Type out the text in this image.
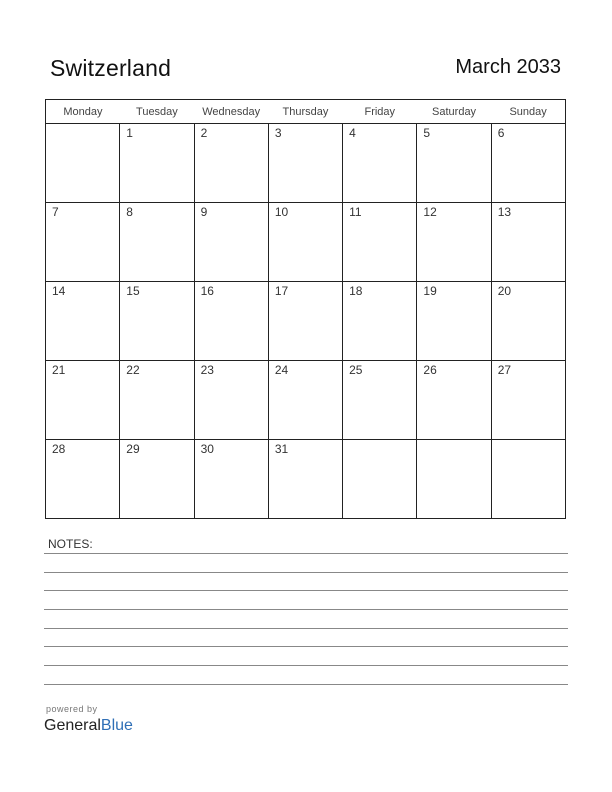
Switzerland	March 2033
Monday	Tuesday	Wednesday	Thursday	Friday	Saturday	Sunday
	1	2	3	4	5	6
7	8	9	10	11	12	13
14	15	16	17	18	19	20
21	22	23	24	25	26	27
28	29	30	31			
NOTES:
powered by
GeneralBlue
